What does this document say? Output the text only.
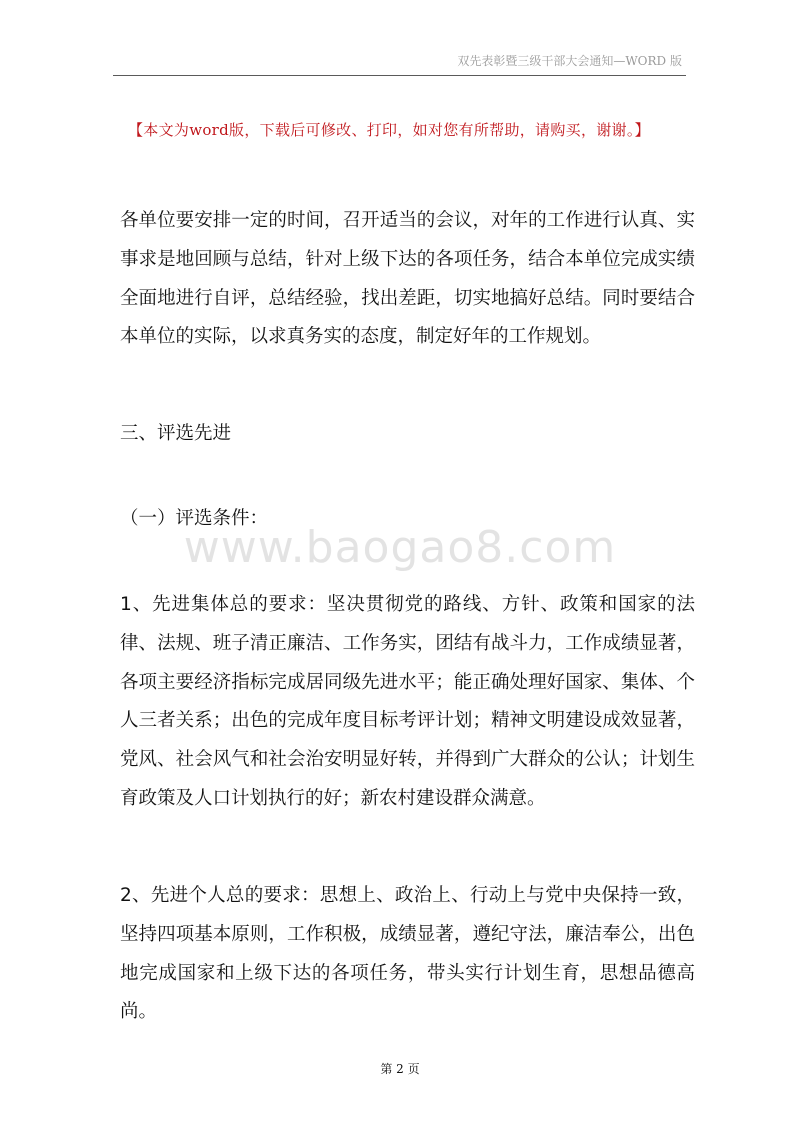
双先表彰暨三级干部大会通知—WORD 版
【本文为word版，下载后可修改、打印，如对您有所帮助，请购买，谢谢。】

各单位要安排一定的时间，召开适当的会议，对年的工作进行认真、实事求是地回顾与总结，针对上级下达的各项任务，结合本单位完成实绩全面地进行自评，总结经验，找出差距，切实地搞好总结。同时要结合本单位的实际，以求真务实的态度，制定好年的工作规划。

三、评选先进

（一）评选条件：

1、先进集体总的要求：坚决贯彻党的路线、方针、政策和国家的法律、法规、班子清正廉洁、工作务实，团结有战斗力，工作成绩显著，各项主要经济指标完成居同级先进水平；能正确处理好国家、集体、个人三者关系；出色的完成年度目标考评计划；精神文明建设成效显著，党风、社会风气和社会治安明显好转，并得到广大群众的公认；计划生育政策及人口计划执行的好；新农村建设群众满意。

2、先进个人总的要求：思想上、政治上、行动上与党中央保持一致，坚持四项基本原则，工作积极，成绩显著，遵纪守法，廉洁奉公，出色地完成国家和上级下达的各项任务，带头实行计划生育，思想品德高尚。

www.baogao8.com
第 2 页
